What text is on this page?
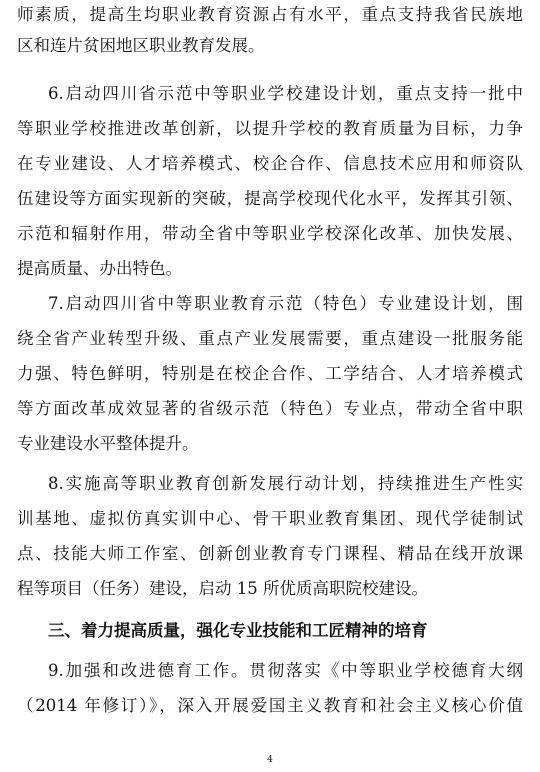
师素质，提高生均职业教育资源占有水平，重点支持我省民族地
区和连片贫困地区职业教育发展。
6.启动四川省示范中等职业学校建设计划，重点支持一批中
等职业学校推进改革创新，以提升学校的教育质量为目标，力争
在专业建设、人才培养模式、校企合作、信息技术应用和师资队
伍建设等方面实现新的突破，提高学校现代化水平，发挥其引领、
示范和辐射作用，带动全省中等职业学校深化改革、加快发展、
提高质量、办出特色。
7.启动四川省中等职业教育示范（特色）专业建设计划，围
绕全省产业转型升级、重点产业发展需要，重点建设一批服务能
力强、特色鲜明，特别是在校企合作、工学结合、人才培养模式
等方面改革成效显著的省级示范（特色）专业点，带动全省中职
专业建设水平整体提升。
8.实施高等职业教育创新发展行动计划，持续推进生产性实
训基地、虚拟仿真实训中心、骨干职业教育集团、现代学徒制试
点、技能大师工作室、创新创业教育专门课程、精品在线开放课
程等项目（任务）建设，启动 15 所优质高职院校建设。
三、着力提高质量，强化专业技能和工匠精神的培育
9.加强和改进德育工作。贯彻落实《中等职业学校德育大纲
（2014 年修订）》，深入开展爱国主义教育和社会主义核心价值
4
